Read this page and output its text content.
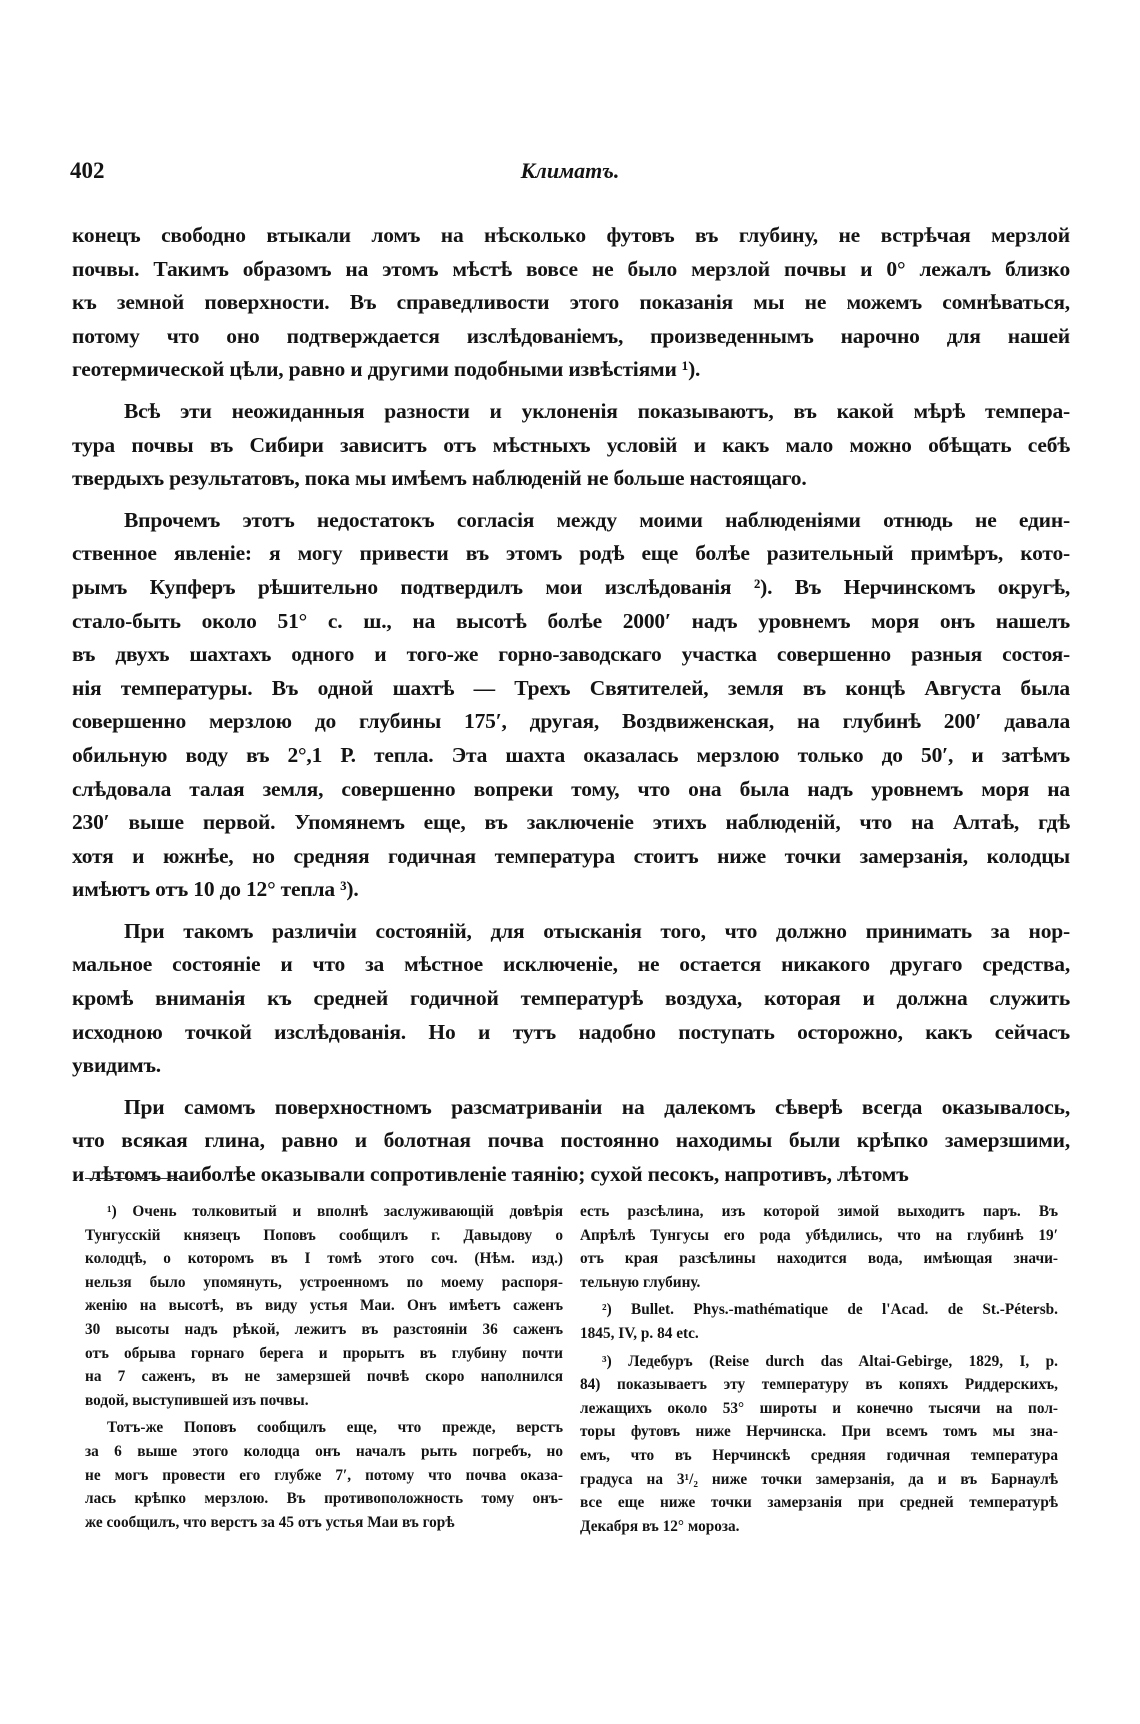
402	Климатъ.
конецъ свободно втыкали ломъ на нѣсколько футовъ въ глубину, не встрѣчая мерзлой
почвы. Такимъ образомъ на этомъ мѣстѣ вовсе не было мерзлой почвы и 0° лежалъ близко
къ земной поверхности. Въ справедливости этого показанія мы не можемъ сомнѣваться,
потому что оно подтверждается изслѣдованіемъ, произведеннымъ нарочно для нашей
геотермической цѣли, равно и другими подобными извѣстіями ¹).
Всѣ эти неожиданныя разности и уклоненія показываютъ, въ какой мѣрѣ темпера-
тура почвы въ Сибири зависитъ отъ мѣстныхъ условій и какъ мало можно обѣщать себѣ
твердыхъ результатовъ, пока мы имѣемъ наблюденій не больше настоящаго.
Впрочемъ этотъ недостатокъ согласія между моими наблюденіями отнюдь не един-
ственное явленіе: я могу привести въ этомъ родѣ еще болѣе разительный примѣръ, кото-
рымъ Купферъ рѣшительно подтвердилъ мои изслѣдованія ²). Въ Нерчинскомъ округѣ,
стало-быть около 51° с. ш., на высотѣ болѣе 2000′ надъ уровнемъ моря онъ нашелъ
въ двухъ шахтахъ одного и того-же горно-заводскаго участка совершенно разныя состоя-
нія температуры. Въ одной шахтѣ — Трехъ Святителей, земля въ концѣ Августа была
совершенно мерзлою до глубины 175′, другая, Воздвиженская, на глубинѣ 200′ давала
обильную воду въ 2°,1 Р. тепла. Эта шахта оказалась мерзлою только до 50′, и затѣмъ
слѣдовала талая земля, совершенно вопреки тому, что она была надъ уровнемъ моря на
230′ выше первой. Упомянемъ еще, въ заключеніе этихъ наблюденій, что на Алтаѣ, гдѣ
хотя и южнѣе, но средняя годичная температура стоитъ ниже точки замерзанія, колодцы
имѣютъ отъ 10 до 12° тепла ³).
При такомъ различіи состояній, для отысканія того, что должно принимать за нор-
мальное состояніе и что за мѣстное исключеніе, не остается никакого другаго средства,
кромѣ вниманія къ средней годичной температурѣ воздуха, которая и должна служить
исходною точкой изслѣдованія. Но и тутъ надобно поступать осторожно, какъ сейчасъ
увидимъ.
При самомъ поверхностномъ разсматриваніи на далекомъ сѣверѣ всегда оказывалось,
что всякая глина, равно и болотная почва постоянно находимы были крѣпко замерзшими,
и лѣтомъ наиболѣе оказывали сопротивленіе таянію; сухой песокъ, напротивъ, лѣтомъ
¹) Очень толковитый и вполнѣ заслуживающій довѣрія
Тунгусскій князецъ Поповъ сообщилъ г. Давыдову о
колодцѣ, о которомъ въ I томѣ этого соч. (Нѣм. изд.)
нельзя было упомянуть, устроенномъ по моему распоря-
женію на высотѣ, въ виду устья Маи. Онъ имѣетъ саженъ
30 высоты надъ рѣкой, лежитъ въ разстояніи 36 саженъ
отъ обрыва горнаго берега и прорытъ въ глубину почти
на 7 саженъ, въ не замерзшей почвѣ скоро наполнился
водой, выступившей изъ почвы.
Тотъ-же Поповъ сообщилъ еще, что прежде, верстъ
за 6 выше этого колодца онъ началъ рыть погребъ, но
не могъ провести его глубже 7′, потому что почва оказа-
лась крѣпко мерзлою. Въ противоположность тому онъ-
же сообщилъ, что верстъ за 45 отъ устья Маи въ горѣ
есть разсѣлина, изъ которой зимой выходитъ паръ. Въ
Апрѣлѣ Тунгусы его рода убѣдились, что на глубинѣ 19′
отъ края разсѣлины находится вода, имѣющая значи-
тельную глубину.
²) Bullet. Phys.-mathématique de l'Acad. de St.-Pétersb.
1845, IV, p. 84 etc.
³) Ледебуръ (Reise durch das Altai-Gebirge, 1829, I, p.
84) показываетъ эту температуру въ копяхъ Риддерскихъ,
лежащихъ около 53° широты и конечно тысячи на пол-
торы футовъ ниже Нерчинска. При всемъ томъ мы зна-
емъ, что въ Нерчинскѣ средняя годичная температура
градуса на 3¹/₂ ниже точки замерзанія, да и въ Барнаулѣ
все еще ниже точки замерзанія при средней температурѣ
Декабря въ 12° мороза.
